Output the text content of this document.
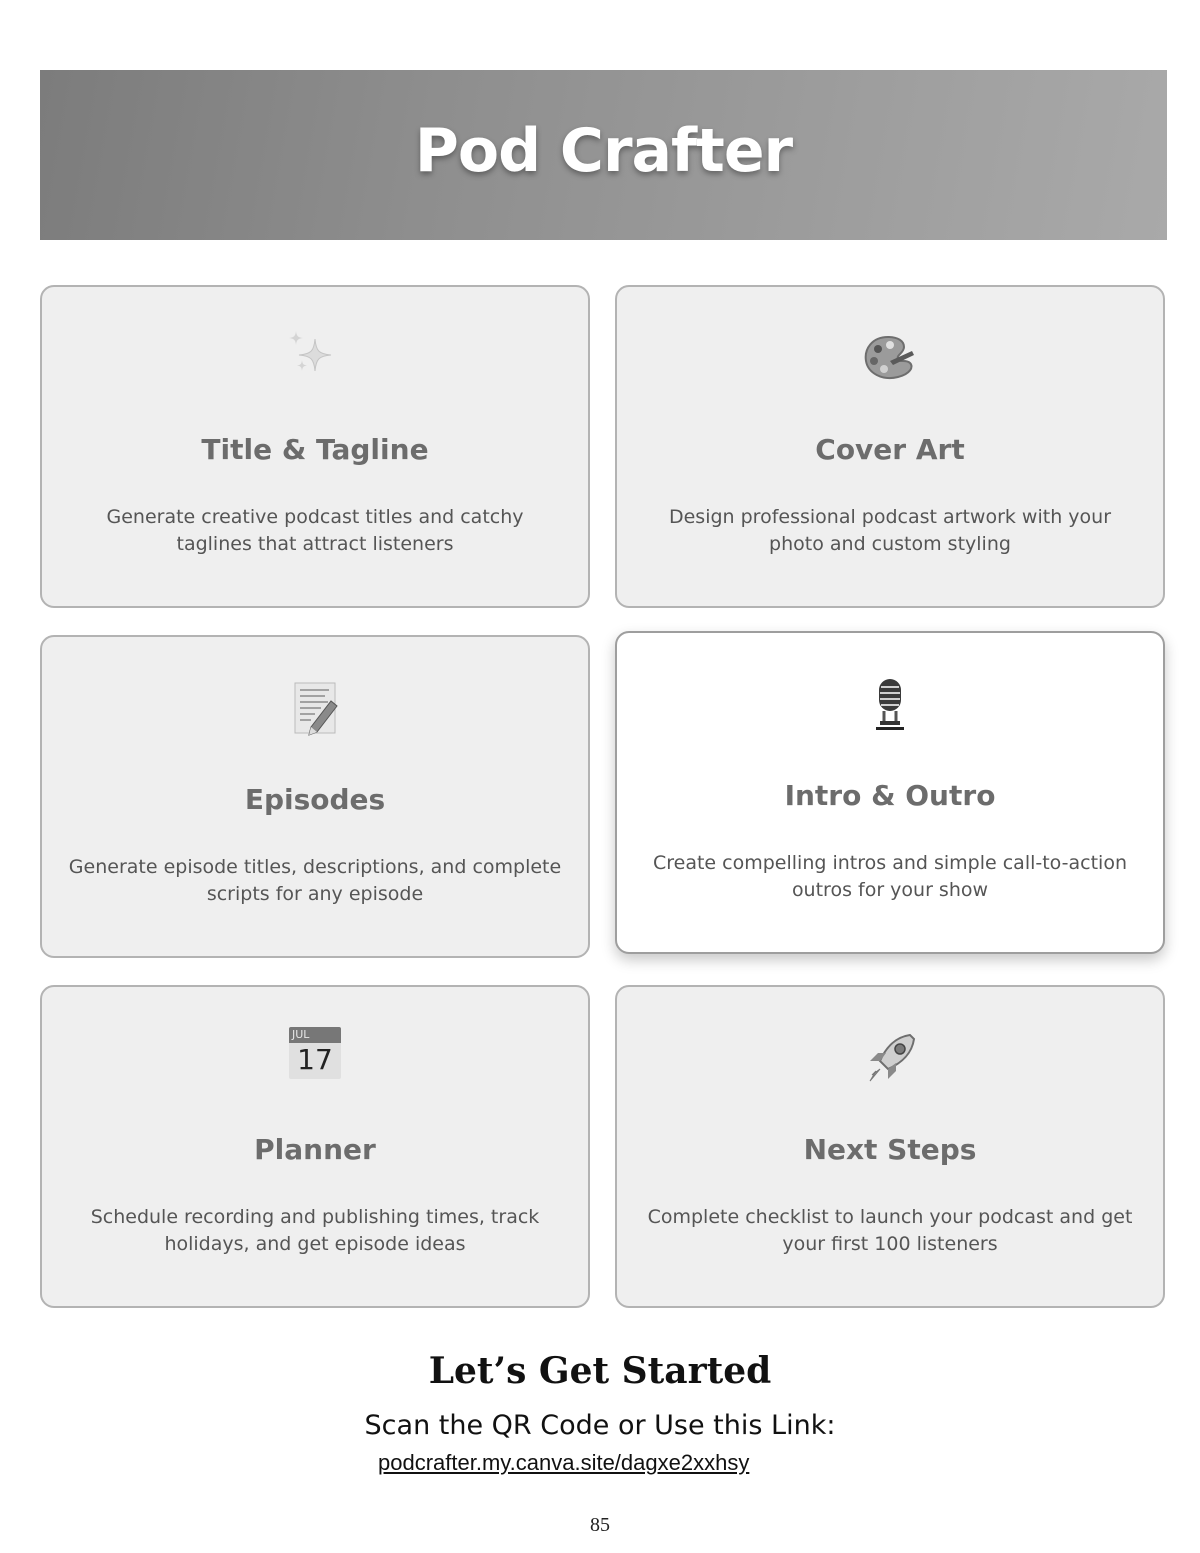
Pod Crafter
Title & Tagline

Generate creative podcast titles and catchy taglines that attract listeners

Cover Art

Design professional podcast artwork with your photo and custom styling

Episodes

Generate episode titles, descriptions, and complete scripts for any episode

Intro & Outro

Create compelling intros and simple call-to-action outros for your show

JUL
17
Planner

Schedule recording and publishing times, track holidays, and get episode ideas

Next Steps

Complete checklist to launch your podcast and get your first 100 listeners

Let’s Get Started

Scan the QR Code or Use this Link:

podcrafter.my.canva.site/dagxe2xxhsy
85
